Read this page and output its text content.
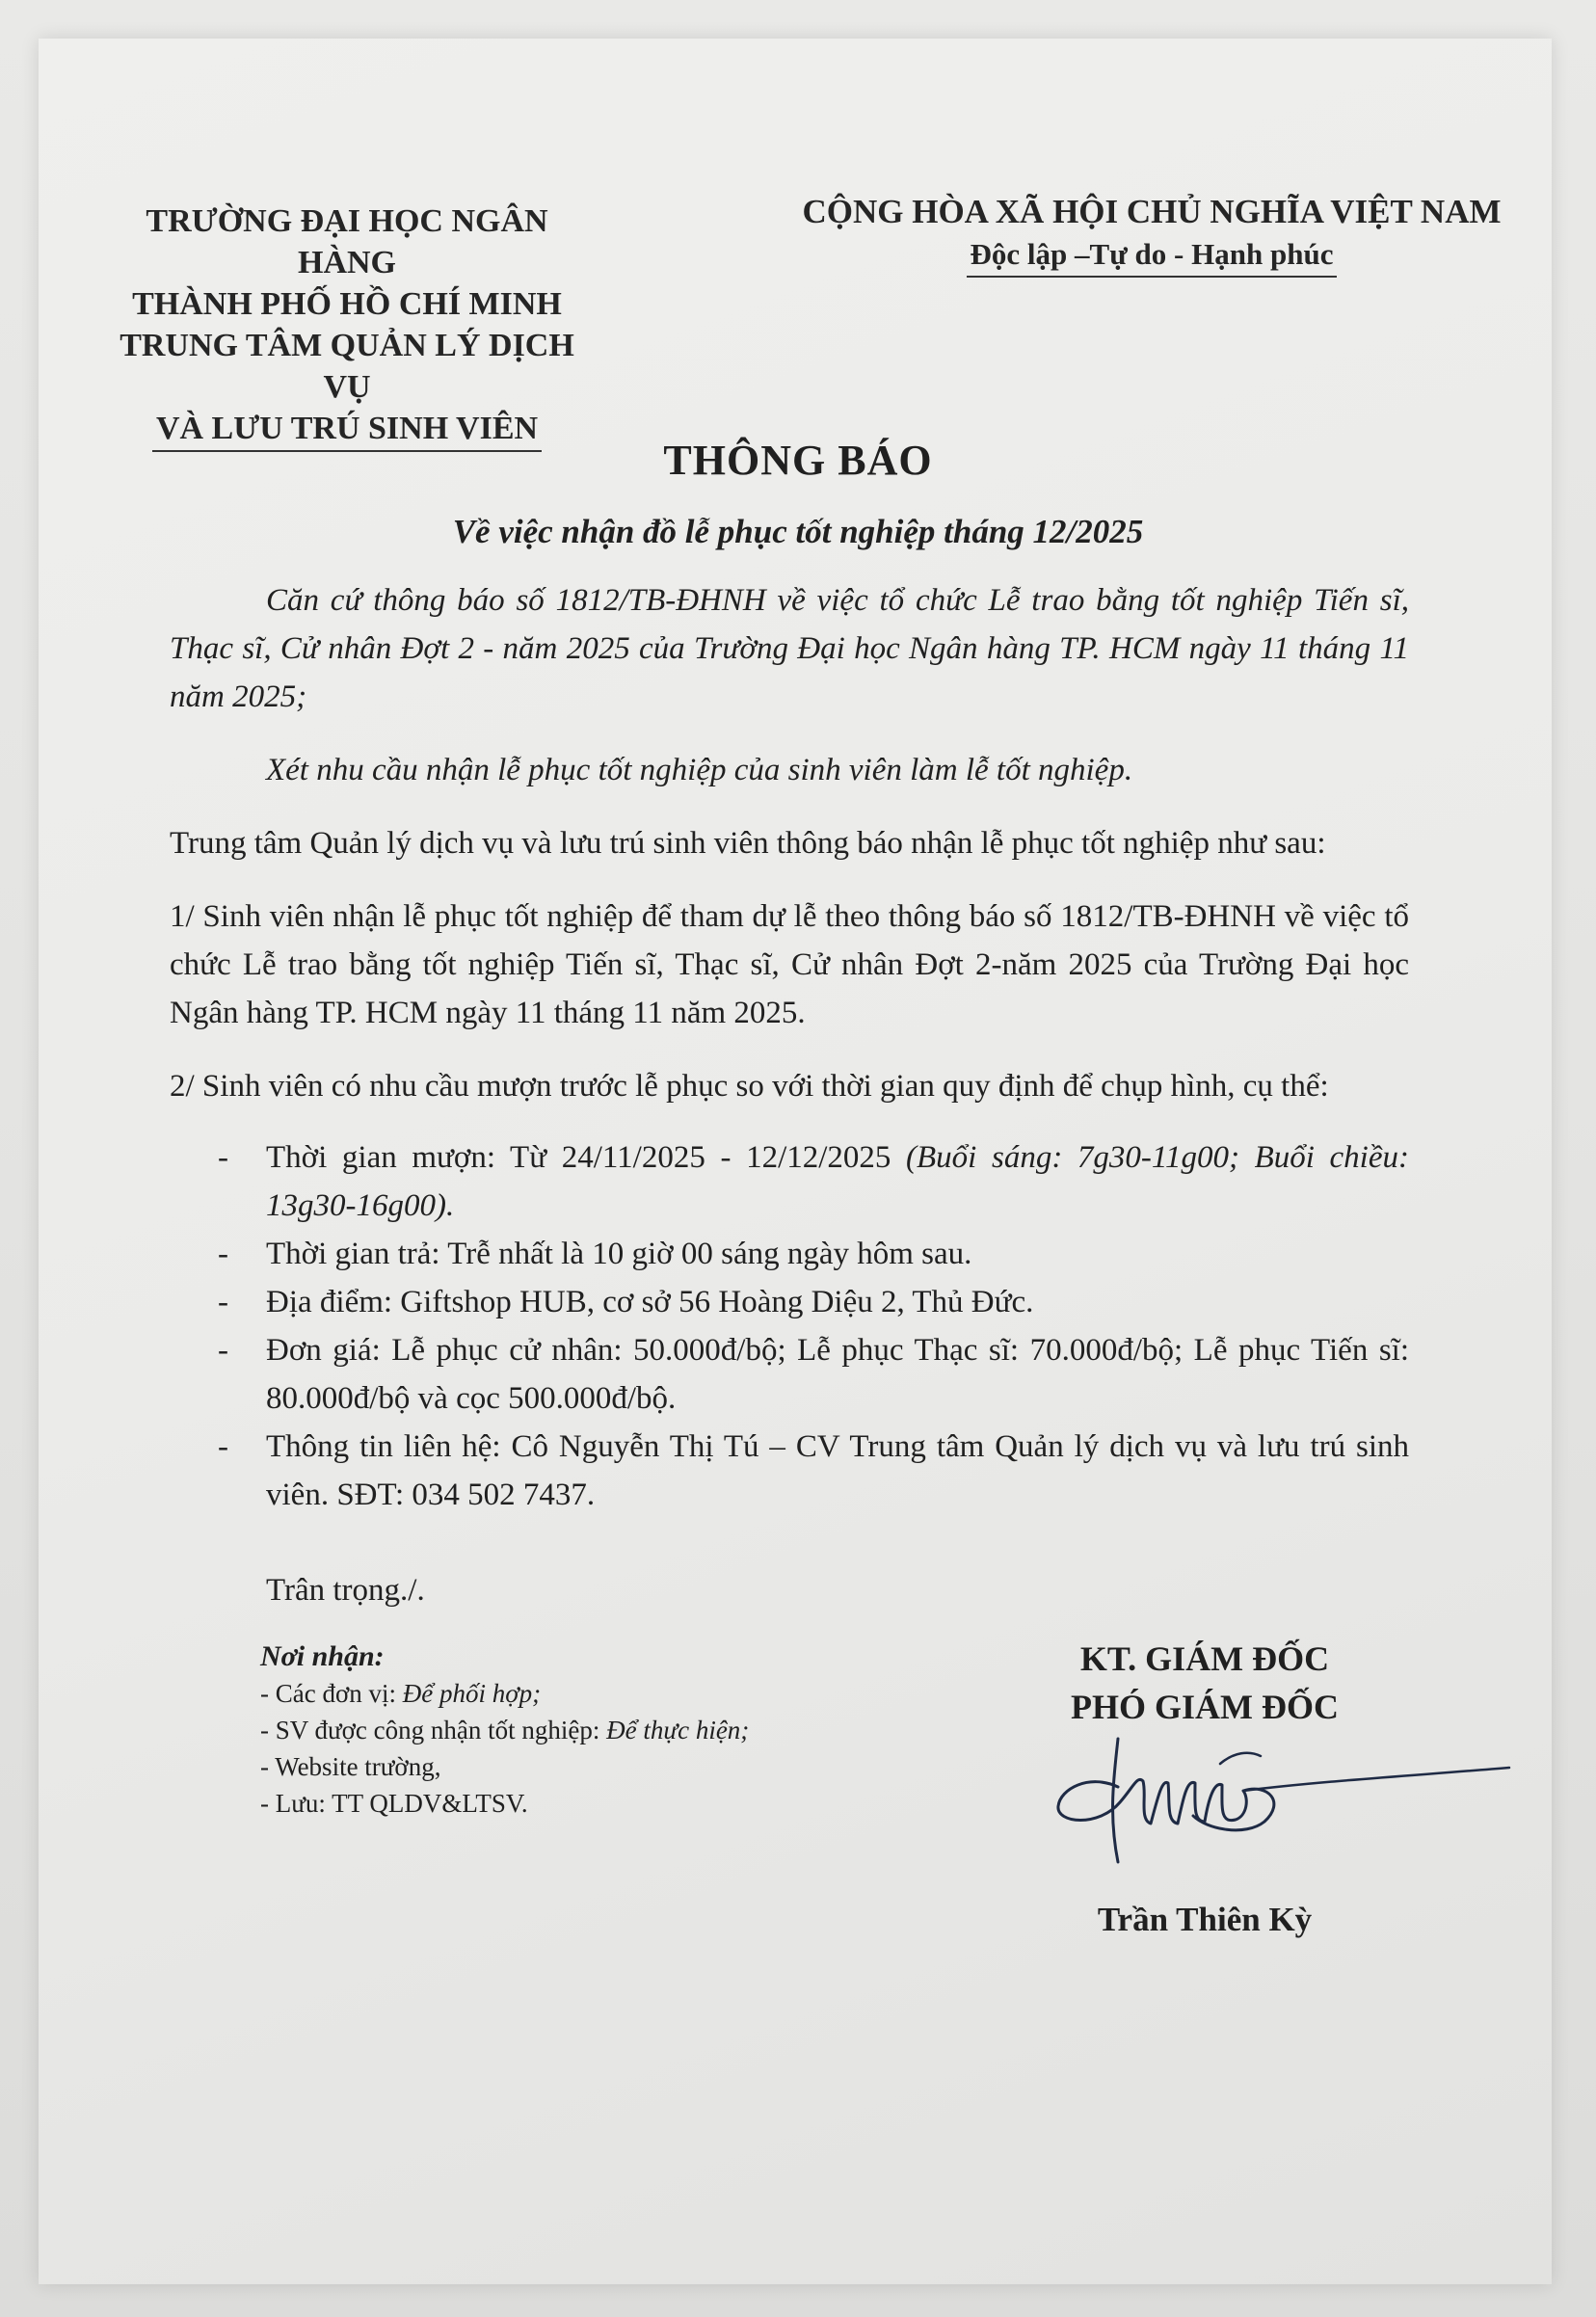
TRƯỜNG ĐẠI HỌC NGÂN HÀNG
THÀNH PHỐ HỒ CHÍ MINH
TRUNG TÂM QUẢN LÝ DỊCH VỤ
VÀ LƯU TRÚ SINH VIÊN
CỘNG HÒA XÃ HỘI CHỦ NGHĨA VIỆT NAM
Độc lập –Tự do - Hạnh phúc
THÔNG BÁO
Về việc nhận đồ lễ phục tốt nghiệp tháng 12/2025

Căn cứ thông báo số 1812/TB-ĐHNH về việc tổ chức Lễ trao bằng tốt nghiệp Tiến sĩ, Thạc sĩ, Cử nhân Đợt 2 - năm 2025 của Trường Đại học Ngân hàng TP. HCM ngày 11 tháng 11 năm 2025;

Xét nhu cầu nhận lễ phục tốt nghiệp của sinh viên làm lễ tốt nghiệp.

Trung tâm Quản lý dịch vụ và lưu trú sinh viên thông báo nhận lễ phục tốt nghiệp như sau:

1/ Sinh viên nhận lễ phục tốt nghiệp để tham dự lễ theo thông báo số 1812/TB-ĐHNH về việc tổ chức Lễ trao bằng tốt nghiệp Tiến sĩ, Thạc sĩ, Cử nhân Đợt 2-năm 2025 của Trường Đại học Ngân hàng TP. HCM ngày 11 tháng 11 năm 2025.

2/ Sinh viên có nhu cầu mượn trước lễ phục so với thời gian quy định để chụp hình, cụ thể:

- Thời gian mượn: Từ 24/11/2025 - 12/12/2025 (Buổi sáng: 7g30-11g00; Buổi chiều: 13g30-16g00).
- Thời gian trả: Trễ nhất là 10 giờ 00 sáng ngày hôm sau.
- Địa điểm: Giftshop HUB, cơ sở 56 Hoàng Diệu 2, Thủ Đức.
- Đơn giá: Lễ phục cử nhân: 50.000đ/bộ; Lễ phục Thạc sĩ: 70.000đ/bộ; Lễ phục Tiến sĩ: 80.000đ/bộ và cọc 500.000đ/bộ.
- Thông tin liên hệ: Cô Nguyễn Thị Tú – CV Trung tâm Quản lý dịch vụ và lưu trú sinh viên. SĐT: 034 502 7437.
Trân trọng./.
Nơi nhận:
- Các đơn vị: Để phối hợp;
- SV được công nhận tốt nghiệp: Để thực hiện;
- Website trường,
- Lưu: TT QLDV&LTSV.
KT. GIÁM ĐỐC
PHÓ GIÁM ĐỐC
Trần Thiên Kỳ
